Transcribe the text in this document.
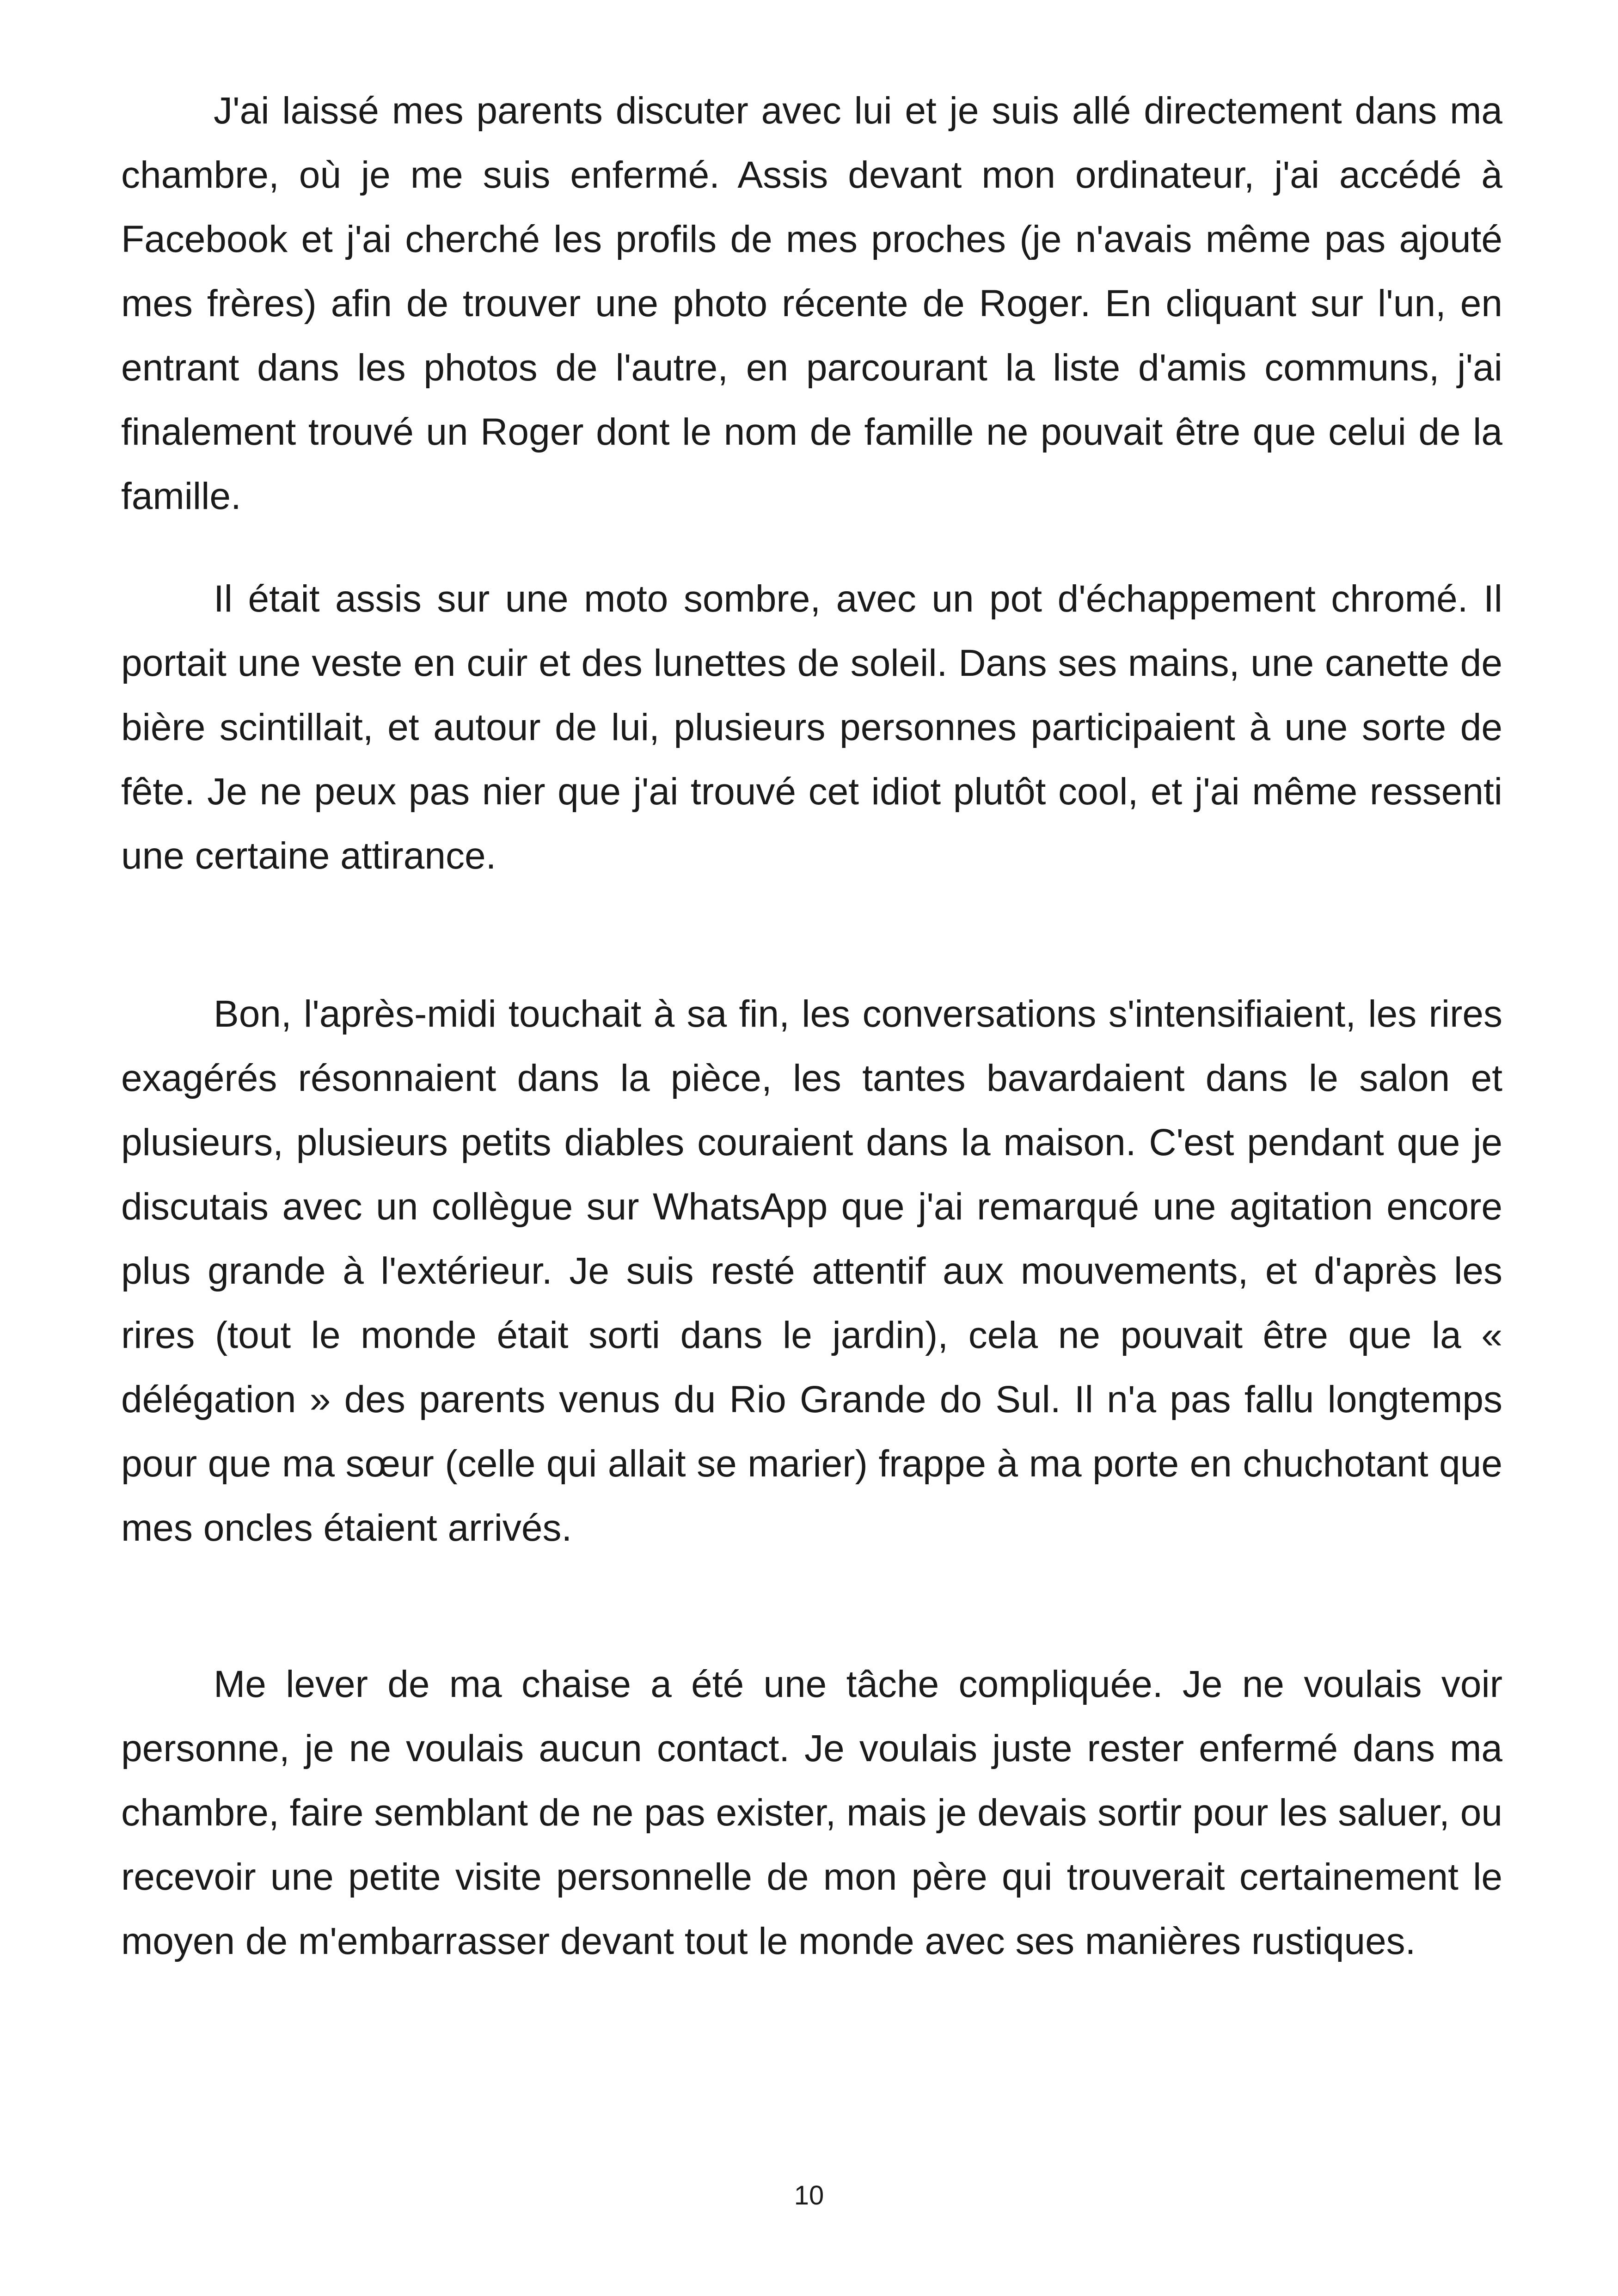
J'ai laissé mes parents discuter avec lui et je suis allé directement dans ma chambre, où je me suis enfermé. Assis devant mon ordinateur, j'ai accédé à Facebook et j'ai cherché les profils de mes proches (je n'avais même pas ajouté mes frères) afin de trouver une photo récente de Roger. En cliquant sur l'un, en entrant dans les photos de l'autre, en parcourant la liste d'amis communs, j'ai finalement trouvé un Roger dont le nom de famille ne pouvait être que celui de la famille.

Il était assis sur une moto sombre, avec un pot d'échappement chromé. Il portait une veste en cuir et des lunettes de soleil. Dans ses mains, une canette de bière scintillait, et autour de lui, plusieurs personnes participaient à une sorte de fête. Je ne peux pas nier que j'ai trouvé cet idiot plutôt cool, et j'ai même ressenti une certaine attirance.

Bon, l'après-midi touchait à sa fin, les conversations s'intensifiaient, les rires exagérés résonnaient dans la pièce, les tantes bavardaient dans le salon et plusieurs, plusieurs petits diables couraient dans la maison. C'est pendant que je discutais avec un collègue sur WhatsApp que j'ai remarqué une agitation encore plus grande à l'extérieur. Je suis resté attentif aux mouvements, et d'après les rires (tout le monde était sorti dans le jardin), cela ne pouvait être que la « délégation » des parents venus du Rio Grande do Sul. Il n'a pas fallu longtemps pour que ma sœur (celle qui allait se marier) frappe à ma porte en chuchotant que mes oncles étaient arrivés.

Me lever de ma chaise a été une tâche compliquée. Je ne voulais voir personne, je ne voulais aucun contact. Je voulais juste rester enfermé dans ma chambre, faire semblant de ne pas exister, mais je devais sortir pour les saluer, ou recevoir une petite visite personnelle de mon père qui trouverait certainement le moyen de m'embarrasser devant tout le monde avec ses manières rustiques.

10
